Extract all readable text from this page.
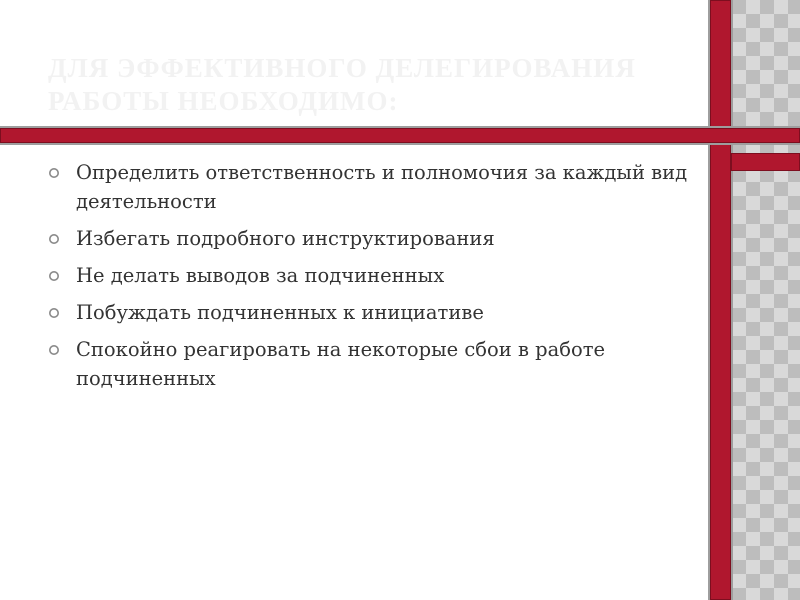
ДЛЯ ЭФФЕКТИВНОГО ДЕЛЕГИРОВАНИЯ
РАБОТЫ НЕОБХОДИМО:
Определить ответственность и полномочия за каждый вид деятельности
Избегать подробного инструктирования
Не делать выводов за подчиненных
Побуждать подчиненных к инициативе
Спокойно реагировать на некоторые сбои в работе подчиненных
